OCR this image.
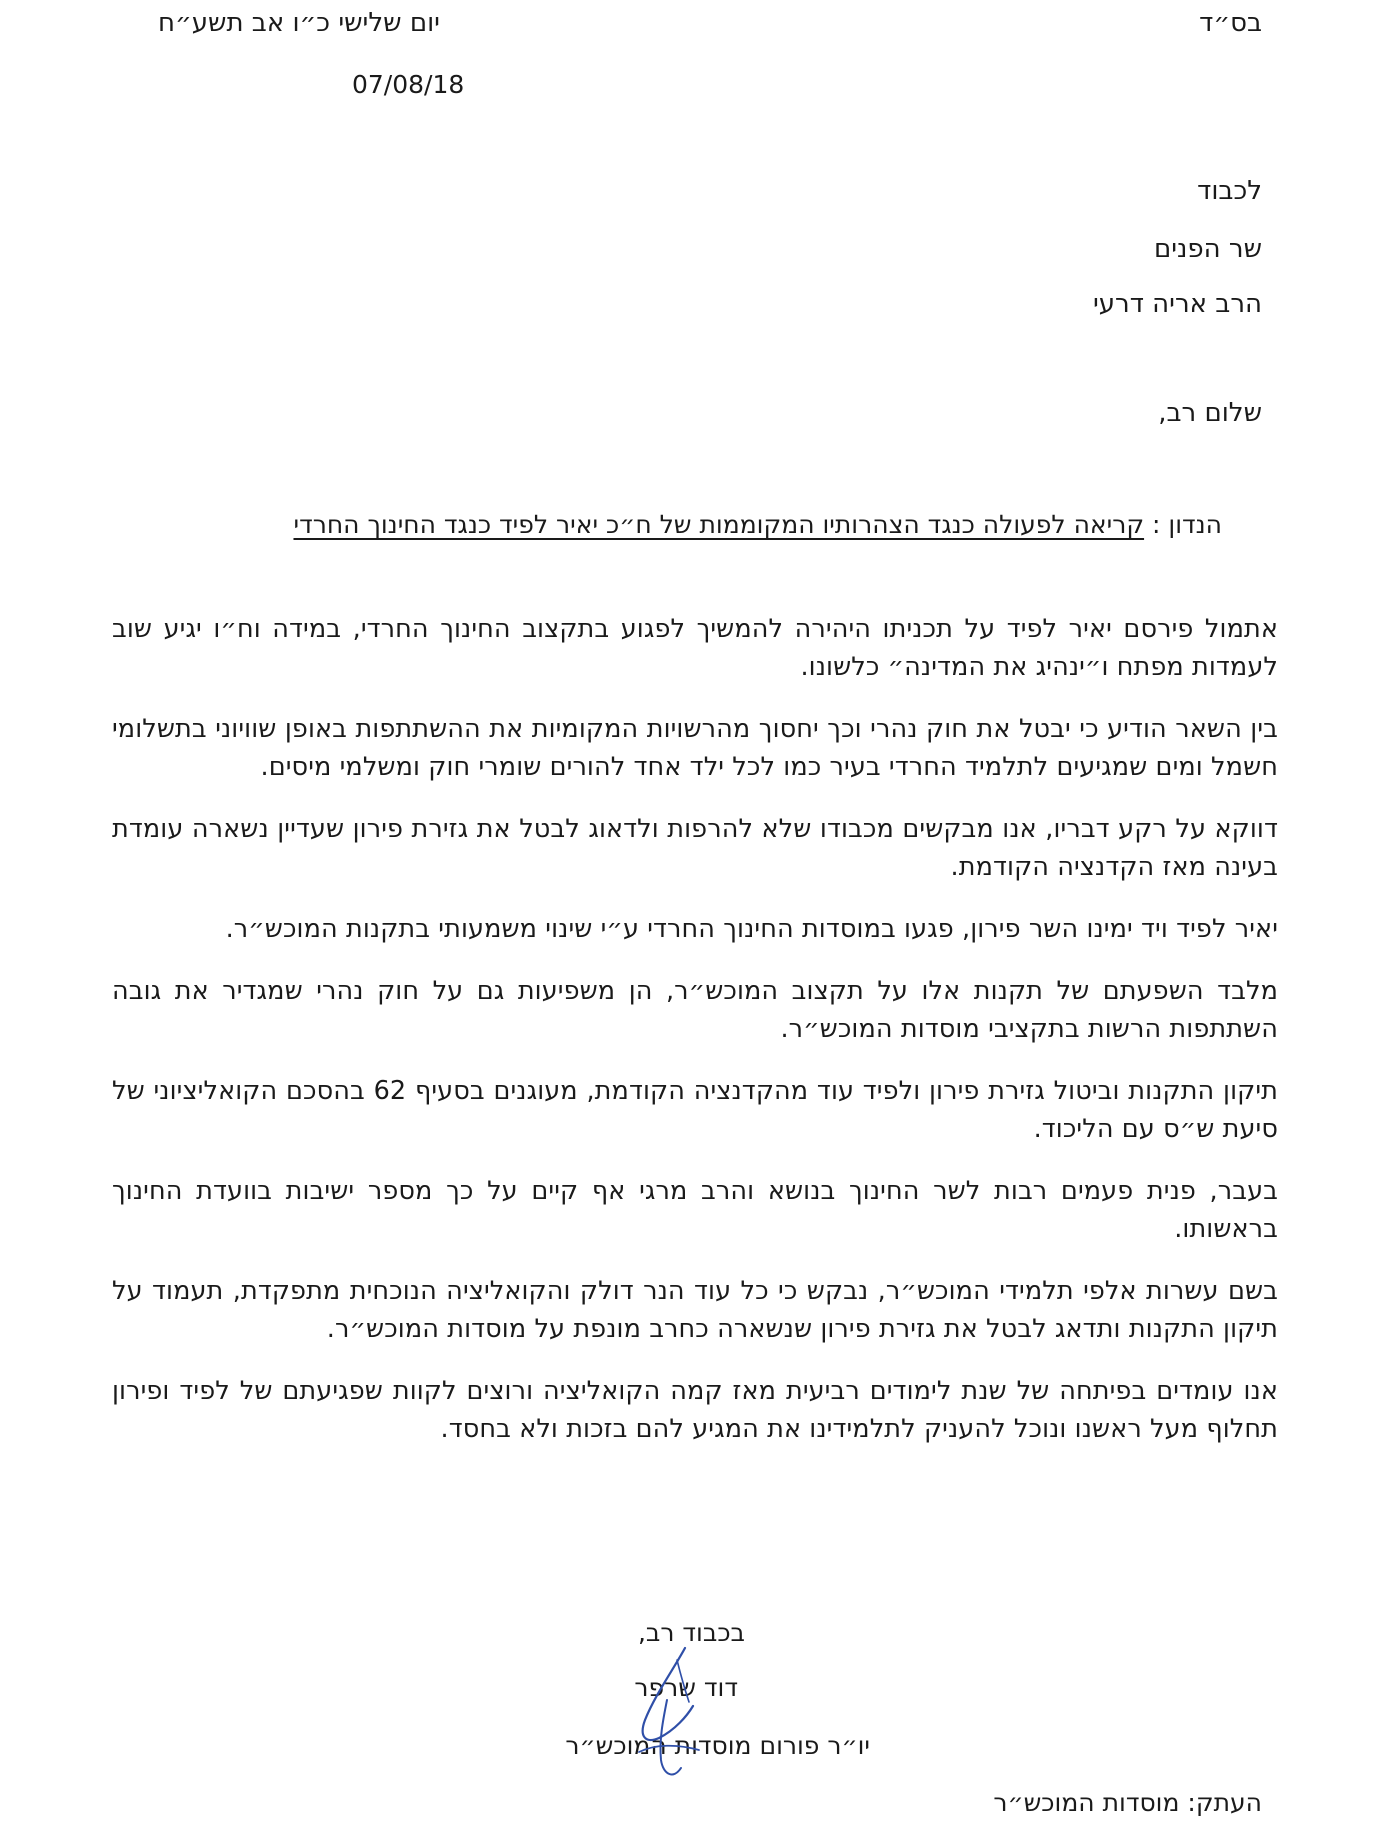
בס״ד
יום שלישי כ״ו אב תשע״ח
07/08/18
לכבוד
שר הפנים
הרב אריה דרעי
שלום רב,
הנדון : קריאה לפעולה כנגד הצהרותיו המקוממות של ח״כ יאיר לפיד כנגד החינוך החרדי

אתמול פירסם יאיר לפיד על תכניתו היהירה להמשיך לפגוע בתקצוב החינוך החרדי, במידה וח״ו יגיע שוב לעמדות מפתח ו״ינהיג את המדינה״ כלשונו.

בין השאר הודיע כי יבטל את חוק נהרי וכך יחסוך מהרשויות המקומיות את ההשתתפות באופן שוויוני בתשלומי חשמל ומים שמגיעים לתלמיד החרדי בעיר כמו לכל ילד אחד להורים שומרי חוק ומשלמי מיסים.

דווקא על רקע דבריו, אנו מבקשים מכבודו שלא להרפות ולדאוג לבטל את גזירת פירון שעדיין נשארה עומדת בעינה מאז הקדנציה הקודמת.

יאיר לפיד ויד ימינו השר פירון, פגעו במוסדות החינוך החרדי ע״י שינוי משמעותי בתקנות המוכש״ר.

מלבד השפעתם של תקנות אלו על תקצוב המוכש״ר, הן משפיעות גם על חוק נהרי שמגדיר את גובה השתתפות הרשות בתקציבי מוסדות המוכש״ר.

תיקון התקנות וביטול גזירת פירון ולפיד עוד מהקדנציה הקודמת, מעוגנים בסעיף 62 בהסכם הקואליציוני של סיעת ש״ס עם הליכוד.

בעבר, פנית פעמים רבות לשר החינוך בנושא והרב מרגי אף קיים על כך מספר ישיבות בוועדת החינוך בראשותו.

בשם עשרות אלפי תלמידי המוכש״ר, נבקש כי כל עוד הנר דולק והקואליציה הנוכחית מתפקדת, תעמוד על תיקון התקנות ותדאג לבטל את גזירת פירון שנשארה כחרב מונפת על מוסדות המוכש״ר.

אנו עומדים בפיתחה של שנת לימודים רביעית מאז קמה הקואליציה ורוצים לקוות שפגיעתם של לפיד ופירון תחלוף מעל ראשנו ונוכל להעניק לתלמידינו את המגיע להם בזכות ולא בחסד.

בכבוד רב,
דוד שרפר
יו״ר פורום מוסדות המוכש״ר
העתק: מוסדות המוכש״ר
